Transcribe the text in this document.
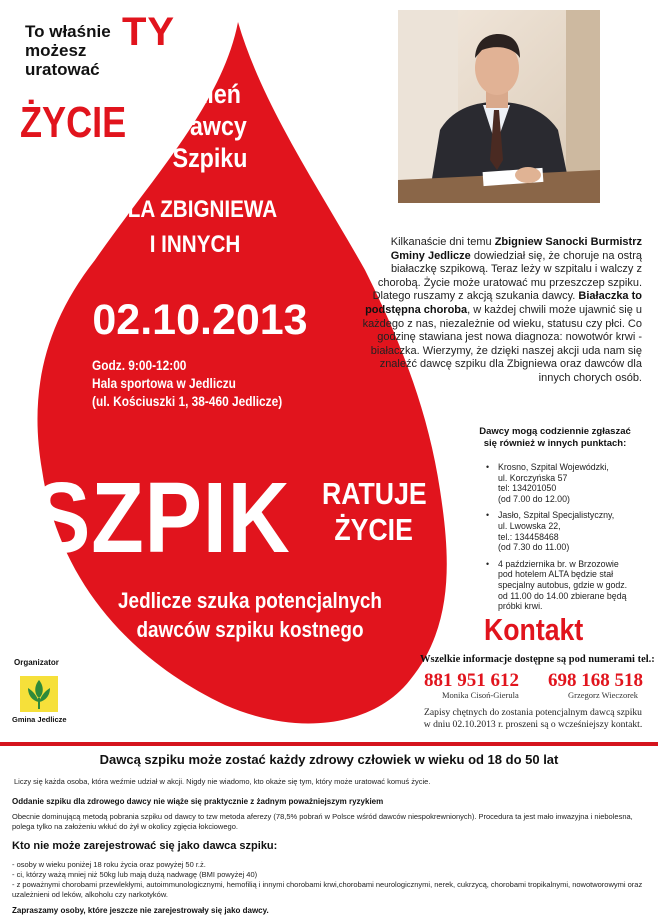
To właśnie
możesz
uratować
TY
ŻYCIE
Dzień
Dawcy
Szpiku
DLA ZBIGNIEWA
I INNYCH
02.10.2013
Godz. 9:00-12:00
Hala sportowa w Jedliczu
(ul. Kościuszki 1, 38-460 Jedlicze)
SZPIK RATUJE
ŻYCIE
Jedlicze szuka potencjalnych
dawców szpiku kostnego
Kilkanaście dni temu Zbigniew Sanocki Burmistrz Gminy Jedlicze dowiedział się, że choruje na ostrą białaczkę szpikową. Teraz leży w szpitalu i walczy z chorobą. Życie może uratować mu przeszczep szpiku. Dlatego ruszamy z akcją szukania dawcy. Białaczka to podstępna choroba, w każdej chwili może ujawnić się u każdego z nas, niezależnie od wieku, statusu czy płci. Co godzinę stawiana jest nowa diagnoza: nowotwór krwi - białaczka. Wierzymy, że dzięki naszej akcji uda nam się znaleźć dawcę szpiku dla Zbigniewa oraz dawców dla innych chorych osób.
Dawcy mogą codziennie zgłaszać się również w innych punktach:
• Krosno, Szpital Wojewódzki,
ul. Korczyńska 57
tel: 134201050
(od 7.00 do 12.00)
• Jasło, Szpital Specjalistyczny,
ul. Lwowska 22,
tel.: 134458468
(od 7.30 do 11.00)
• 4 października br. w Brzozowie
pod hotelem ALTA będzie stał
specjalny autobus, gdzie w godz.
od 11.00 do 14.00 zbierane będą próbki krwi.
Kontakt
Wszelkie informacje dostępne są pod numerami tel.:
881 951 612 698 168 518
Monika Cisoń-Gierula	Grzegorz Wieczorek
Zapisy chętnych do zostania potencjalnym dawcą szpiku w dniu 02.10.2013 r. proszeni są o wcześniejszy kontakt.
Organizator
Gmina Jedlicze
Dawcą szpiku może zostać każdy zdrowy człowiek w wieku od 18 do 50 lat
Liczy się każda osoba, która weźmie udział w akcji. Nigdy nie wiadomo, kto okaże się tym, który może uratować komuś życie.
Oddanie szpiku dla zdrowego dawcy nie wiąże się praktycznie z żadnym poważniejszym ryzykiem
Obecnie dominującą metodą pobrania szpiku od dawcy to tzw metoda aferezy (78,5% pobrań w Polsce wśród dawców niespokrewnionych). Procedura ta jest mało inwazyjna i niebolesna, polega tylko na założeniu wkłuć do żył w okolicy zgięcia łokciowego.
Kto nie może zarejestrować się jako dawca szpiku:
- osoby w wieku poniżej 18 roku życia oraz powyżej 50 r.ż.
- ci, którzy ważą mniej niż 50kg lub mają dużą nadwagę (BMI powyżej 40)
- z poważnymi chorobami przewlekłymi, autoimmunologicznymi, hemofilią i innymi chorobami krwi,chorobami neurologicznymi, nerek, cukrzycą, chorobami tropikalnymi, nowotworowymi oraz uzależnieni od leków, alkoholu czy narkotyków.
Zapraszamy osoby, które jeszcze nie zarejestrowały się jako dawcy.
